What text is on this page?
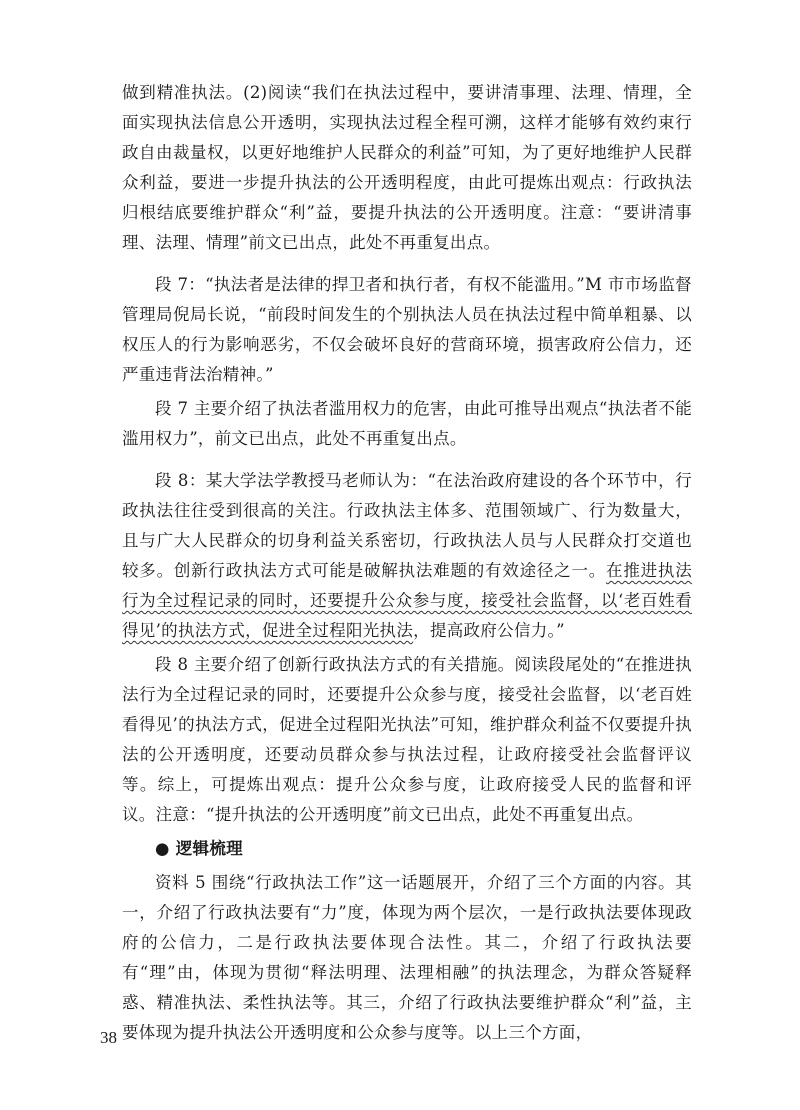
做到精准执法。(2)阅读“我们在执法过程中，要讲清事理、法理、情理，全面实现执法信息公开透明，实现执法过程全程可溯，这样才能够有效约束行政自由裁量权，以更好地维护人民群众的利益”可知，为了更好地维护人民群众利益，要进一步提升执法的公开透明程度，由此可提炼出观点：行政执法归根结底要维护群众“利”益，要提升执法的公开透明度。注意：“要讲清事理、法理、情理”前文已出点，此处不再重复出点。

段 7：“执法者是法律的捍卫者和执行者，有权不能滥用。”M 市市场监督管理局倪局长说，“前段时间发生的个别执法人员在执法过程中简单粗暴、以权压人的行为影响恶劣，不仅会破坏良好的营商环境，损害政府公信力，还严重违背法治精神。”

段 7 主要介绍了执法者滥用权力的危害，由此可推导出观点“执法者不能滥用权力”，前文已出点，此处不再重复出点。

段 8：某大学法学教授马老师认为：“在法治政府建设的各个环节中，行政执法往往受到很高的关注。行政执法主体多、范围领域广、行为数量大，且与广大人民群众的切身利益关系密切，行政执法人员与人民群众打交道也较多。创新行政执法方式可能是破解执法难题的有效途径之一。在推进执法行为全过程记录的同时，还要提升公众参与度，接受社会监督，以‘老百姓看得见’的执法方式，促进全过程阳光执法，提高政府公信力。”

段 8 主要介绍了创新行政执法方式的有关措施。阅读段尾处的“在推进执法行为全过程记录的同时，还要提升公众参与度，接受社会监督，以‘老百姓看得见’的执法方式，促进全过程阳光执法”可知，维护群众利益不仅要提升执法的公开透明度，还要动员群众参与执法过程，让政府接受社会监督评议等。综上，可提炼出观点：提升公众参与度，让政府接受人民的监督和评议。注意：“提升执法的公开透明度”前文已出点，此处不再重复出点。

● 逻辑梳理

资料 5 围绕“行政执法工作”这一话题展开，介绍了三个方面的内容。其一，介绍了行政执法要有“力”度，体现为两个层次，一是行政执法要体现政府的公信力，二是行政执法要体现合法性。其二，介绍了行政执法要有“理”由，体现为贯彻“释法明理、法理相融”的执法理念，为群众答疑释惑、精准执法、柔性执法等。其三，介绍了行政执法要维护群众“利”益，主要体现为提升执法公开透明度和公众参与度等。以上三个方面，

38
